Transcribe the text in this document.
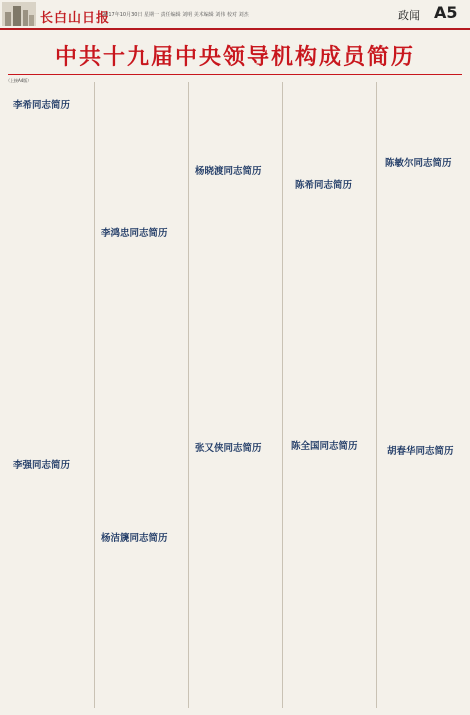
长白山日报
2017年10月30日 星期一 责任编辑 刘明 美术编辑 刘伟 校对 刘杰	政闻 A5
中共十九届中央领导机构成员简历
（上接A4版）
李希同志简历
李强同志简历
李鸿忠同志简历
杨洁篪同志简历
杨晓渡同志简历
张又侠同志简历
陈希同志简历
陈全国同志简历
陈敏尔同志简历
胡春华同志简历
